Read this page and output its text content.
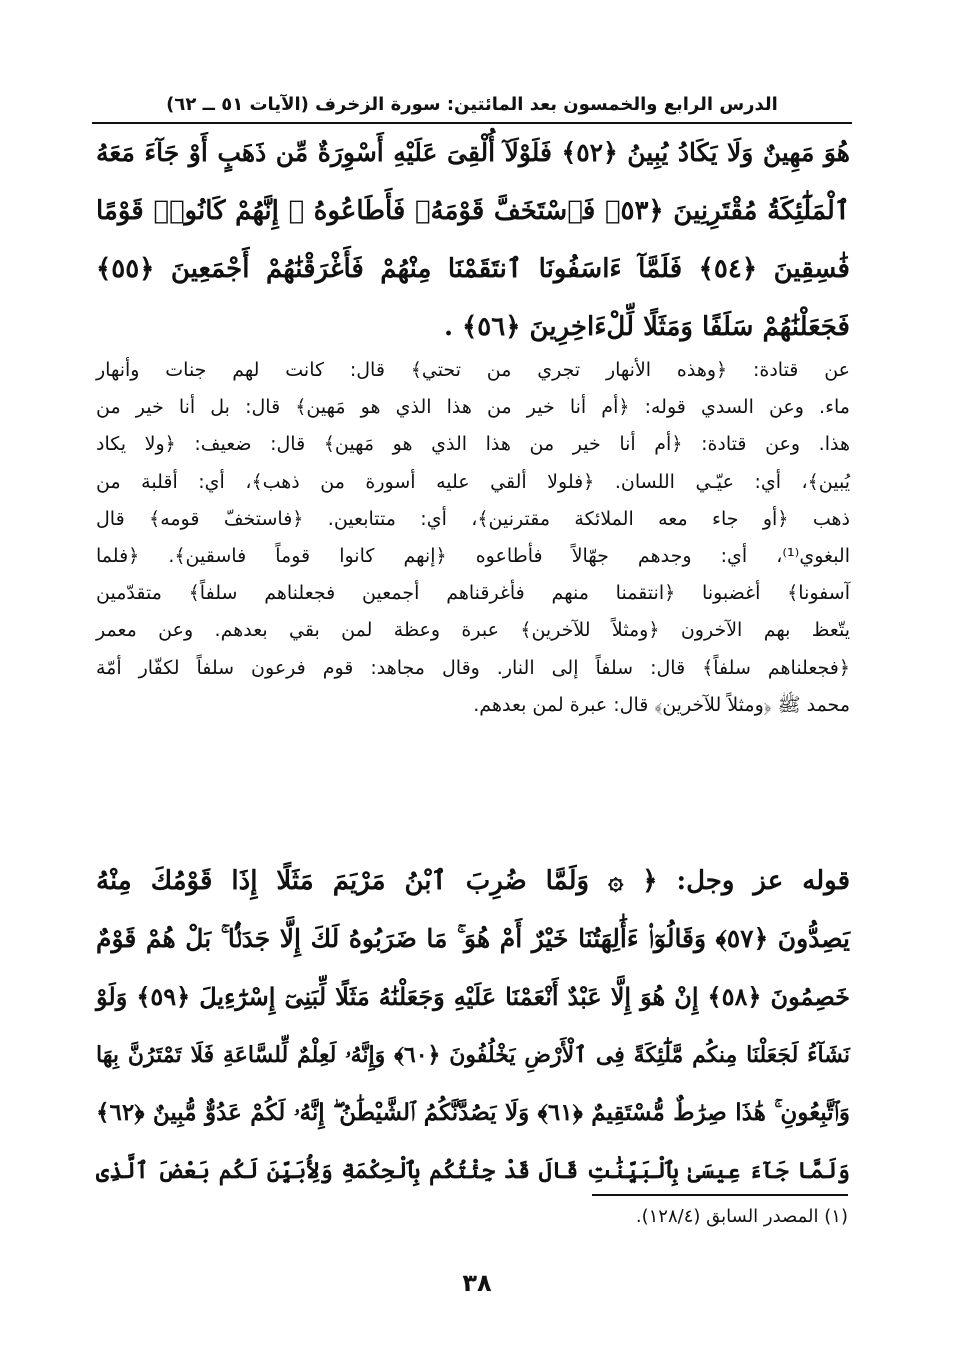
الدرس الرابع والخمسون بعد المائتين: سورة الزخرف (الآيات ٥١ ــ ٦٢)
هُوَ مَهِينٌ وَلَا يَكَادُ يُبِينُ ﴿٥٢﴾ فَلَوْلَآ أُلْقِىَ عَلَيْهِ أَسْوِرَةٌ مِّن ذَهَبٍ أَوْ جَآءَ مَعَهُ
ٱلْمَلَٰٓئِكَةُ مُقْتَرِنِينَ ﴿٥٣﴾ فَٱسْتَخَفَّ قَوْمَهُۥ فَأَطَاعُوهُ ۚ إِنَّهُمْ كَانُوا۟ قَوْمًا
فَٰسِقِينَ ﴿٥٤﴾ فَلَمَّآ ءَاسَفُونَا ٱنتَقَمْنَا مِنْهُمْ فَأَغْرَقْنَٰهُمْ أَجْمَعِينَ ﴿٥٥﴾
فَجَعَلْنَٰهُمْ سَلَفًا وَمَثَلًا لِّلْءَاخِرِينَ ﴿٥٦﴾ .
عن قتادة: ﴿وهذه الأنهار تجري من تحتي﴾ قال: كانت لهم جنات وأنهار
ماء. وعن السدي قوله: ﴿أم أنا خير من هذا الذي هو مَهين﴾ قال: بل أنا خير من
هذا. وعن قتادة: ﴿أم أنا خير من هذا الذي هو مَهين﴾ قال: ضعيف: ﴿ولا يكاد
يُبين﴾، أي: عيّـي اللسان. ﴿فلولا ألقي عليه أسورة من ذهب﴾، أي: أقلبة من
ذهب ﴿أو جاء معه الملائكة مقترنين﴾، أي: متتابعين. ﴿فاستخفّ قومه﴾ قال
البغوي⁽¹⁾، أي: وجدهم جهّالاً فأطاعوه ﴿إنهم كانوا قوماً فاسقين﴾. ﴿فلما
آسفونا﴾ أغضبونا ﴿انتقمنا منهم فأغرقناهم أجمعين فجعلناهم سلفاً﴾ متقدّمين
يتّعظ بهم الآخرون ﴿ومثلاً للآخرين﴾ عبرة وعظة لمن بقي بعدهم. وعن معمر
﴿فجعلناهم سلفاً﴾ قال: سلفاً إلى النار. وقال مجاهد: قوم فرعون سلفاً لكفّار أمّة
محمد ﷺ ﴿ومثلاً للآخرين﴾ قال: عبرة لمن بعدهم.
قوله عز وجل: ﴿ ۞ وَلَمَّا ضُرِبَ ٱبْنُ مَرْيَمَ مَثَلًا إِذَا قَوْمُكَ مِنْهُ
يَصِدُّونَ ﴿٥٧﴾ وَقَالُوٓا۟ ءَأَٰلِهَتُنَا خَيْرٌ أَمْ هُوَ ۚ مَا ضَرَبُوهُ لَكَ إِلَّا جَدَلًۢا ۚ بَلْ هُمْ قَوْمٌ
خَصِمُونَ ﴿٥٨﴾ إِنْ هُوَ إِلَّا عَبْدٌ أَنْعَمْنَا عَلَيْهِ وَجَعَلْنَٰهُ مَثَلًا لِّبَنِىٓ إِسْرَٰٓءِيلَ ﴿٥٩﴾ وَلَوْ
نَشَآءُ لَجَعَلْنَا مِنكُم مَّلَٰٓئِكَةً فِى ٱلْأَرْضِ يَخْلُفُونَ ﴿٦٠﴾ وَإِنَّهُۥ لَعِلْمٌ لِّلسَّاعَةِ فَلَا تَمْتَرُنَّ بِهَا
وَٱتَّبِعُونِ ۚ هَٰذَا صِرَٰطٌ مُّسْتَقِيمٌ ﴿٦١﴾ وَلَا يَصُدَّنَّكُمُ ٱلشَّيْطَٰنُ ۖ إِنَّهُۥ لَكُمْ عَدُوٌّ مُّبِينٌ ﴿٦٢﴾
وَلَمَّا جَآءَ عِيسَىٰ بِٱلْبَيِّنَٰتِ قَالَ قَدْ جِئْتُكُم بِٱلْحِكْمَةِ وَلِأُبَيِّنَ لَكُم بَعْضَ ٱلَّذِى
(١) المصدر السابق (١٢٨/٤).
٣٨
